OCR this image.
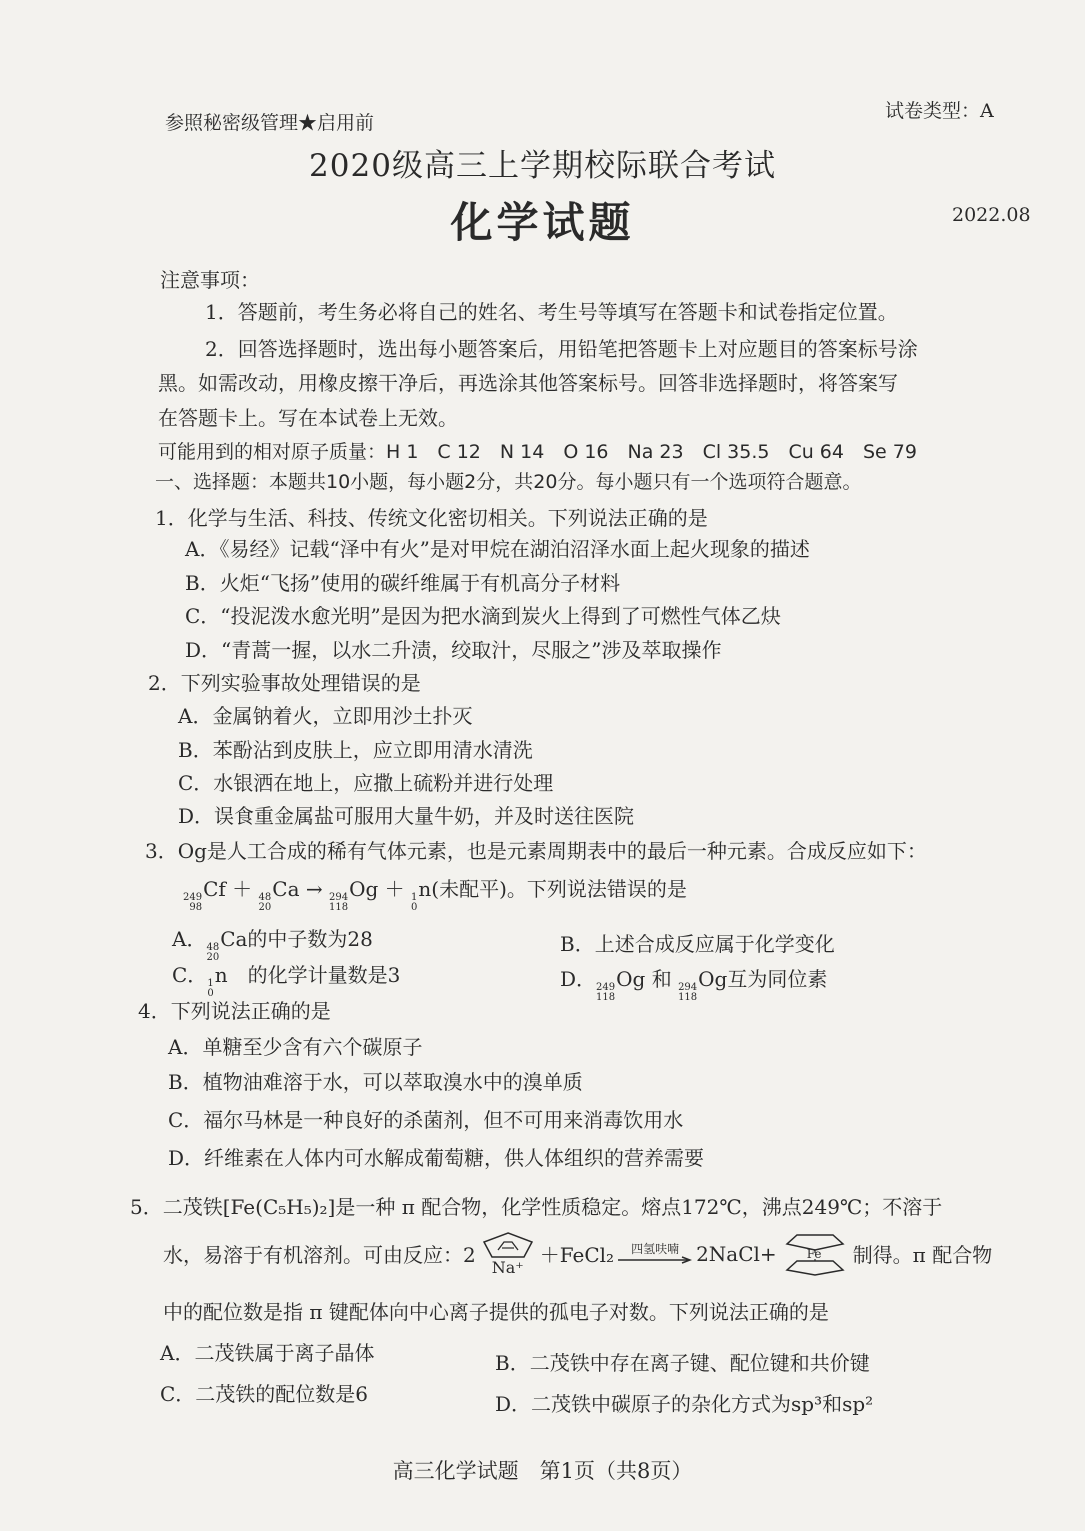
参照秘密级管理★启用前
试卷类型：A
2020级高三上学期校际联合考试
化学试题	2022.08
注意事项：
1．答题前，考生务必将自己的姓名、考生号等填写在答题卡和试卷指定位置。
2．回答选择题时，选出每小题答案后，用铅笔把答题卡上对应题目的答案标号涂
黑。如需改动，用橡皮擦干净后，再选涂其他答案标号。回答非选择题时，将答案写
在答题卡上。写在本试卷上无效。
可能用到的相对原子质量：H 1　C 12　N 14　O 16　Na 23　Cl 35.5　Cu 64　Se 79
一、选择题：本题共10小题，每小题2分，共20分。每小题只有一个选项符合题意。
1．化学与生活、科技、传统文化密切相关。下列说法正确的是
A．《易经》记载“泽中有火”是对甲烷在湖泊沼泽水面上起火现象的描述
B．火炬“飞扬”使用的碳纤维属于有机高分子材料
C．“投泥泼水愈光明”是因为把水滴到炭火上得到了可燃性气体乙炔
D．“青蒿一握，以水二升渍，绞取汁，尽服之”涉及萃取操作
2．下列实验事故处理错误的是
A．金属钠着火，立即用沙土扑灭
B．苯酚沾到皮肤上，应立即用清水清洗
C．水银洒在地上，应撒上硫粉并进行处理
D．误食重金属盐可服用大量牛奶，并及时送往医院
3．Og是人工合成的稀有气体元素，也是元素周期表中的最后一种元素。合成反应如下：
249
98
Cf ＋ 48
20
Ca → 294
118
Og ＋ 1
0
n(未配平)。下列说法错误的是
A． 48
20
Ca的中子数为28	B．上述合成反应属于化学变化
C． 1
0
n　 的化学计量数是3	D． 249
118
Og 和 294
118
Og互为同位素
4．下列说法正确的是
A．单糖至少含有六个碳原子
B．植物油难溶于水，可以萃取溴水中的溴单质
C．福尔马林是一种良好的杀菌剂，但不可用来消毒饮用水
D．纤维素在人体内可水解成葡萄糖，供人体组织的营养需要
5．二茂铁[Fe(C₅H₅)₂]是一种 π 配合物，化学性质稳定。熔点172℃，沸点249℃；不溶于
水，易溶于有机溶剂。可由反应：2
Na⁺
＋FeCl₂ 四氢呋喃 2NaCl+	Fe 制得。π 配合物
中的配位数是指 π 键配体向中心离子提供的孤电子对数。下列说法正确的是
A．二茂铁属于离子晶体	B．二茂铁中存在离子键、配位键和共价键
C．二茂铁的配位数是6	D．二茂铁中碳原子的杂化方式为sp³和sp²
高三化学试题　第1页（共8页）
